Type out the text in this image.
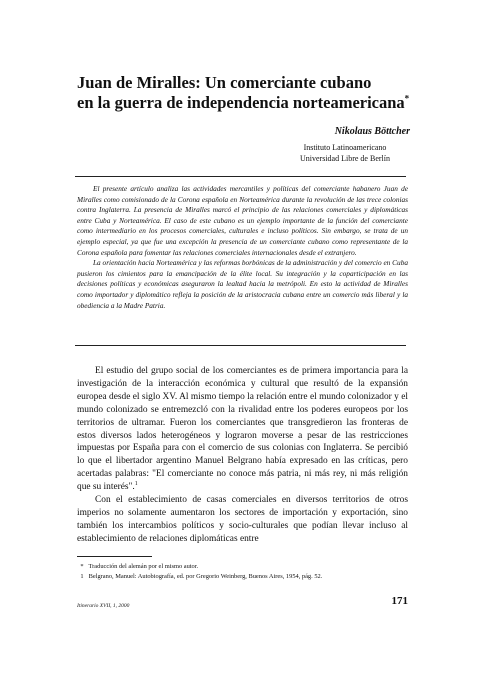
Juan de Miralles: Un comerciante cubano
en la guerra de independencia norteamericana*
Nikolaus Böttcher
Instituto Latinoamericano
Universidad Libre de Berlín

El presente artículo analiza las actividades mercantiles y políticas del comerciante habanero Juan de Miralles como comisionado de la Corona española en Norteamérica durante la revolución de las trece colonias contra Inglaterra. La presencia de Miralles marcó el principio de las relaciones comerciales y diplomáticas entre Cuba y Norteamérica. El caso de este cubano es un ejemplo importante de la función del comerciante como intermediario en los procesos comerciales, culturales e incluso políticos. Sin embargo, se trata de un ejemplo especial, ya que fue una excepción la presencia de un comerciante cubano como representante de la Corona española para fomentar las relaciones comerciales internacionales desde el extranjero.

La orientación hacia Norteamérica y las reformas borbónicas de la administración y del comercio en Cuba pusieron los cimientos para la emancipación de la élite local. Su integración y la coparticipación en las decisiones políticas y económicas aseguraron la lealtad hacia la metrópoli. En esto la actividad de Miralles como importador y diplomático refleja la posición de la aristocracia cubana entre un comercio más liberal y la obediencia a la Madre Patria.

El estudio del grupo social de los comerciantes es de primera importancia para la investigación de la interacción económica y cultural que resultó de la expansión europea desde el siglo XV. Al mismo tiempo la relación entre el mundo colonizador y el mundo colonizado se entremezcló con la rivalidad entre los poderes europeos por los territorios de ultramar. Fueron los comerciantes que transgredieron las fronteras de estos diversos lados heterogéneos y lograron moverse a pesar de las restricciones impuestas por España para con el comercio de sus colonias con Inglaterra. Se percibió lo que el libertador argentino Manuel Belgrano había expresado en las críticas, pero acertadas palabras: "El comerciante no conoce más patria, ni más rey, ni más religión que su interés".$^1$

Con el establecimiento de casas comerciales en diversos territorios de otros imperios no solamente aumentaron los sectores de importación y exportación, sino también los intercambios políticos y socio-culturales que podían llevar incluso al establecimiento de relaciones diplomáticas entre

* Traducción del alemán por el mismo autor.
1 Belgrano, Manuel: Autobiografía, ed. por Gregorio Weinberg, Buenos Aires, 1954, pág. 52.
Itinerario XVII, 1, 2000	171
